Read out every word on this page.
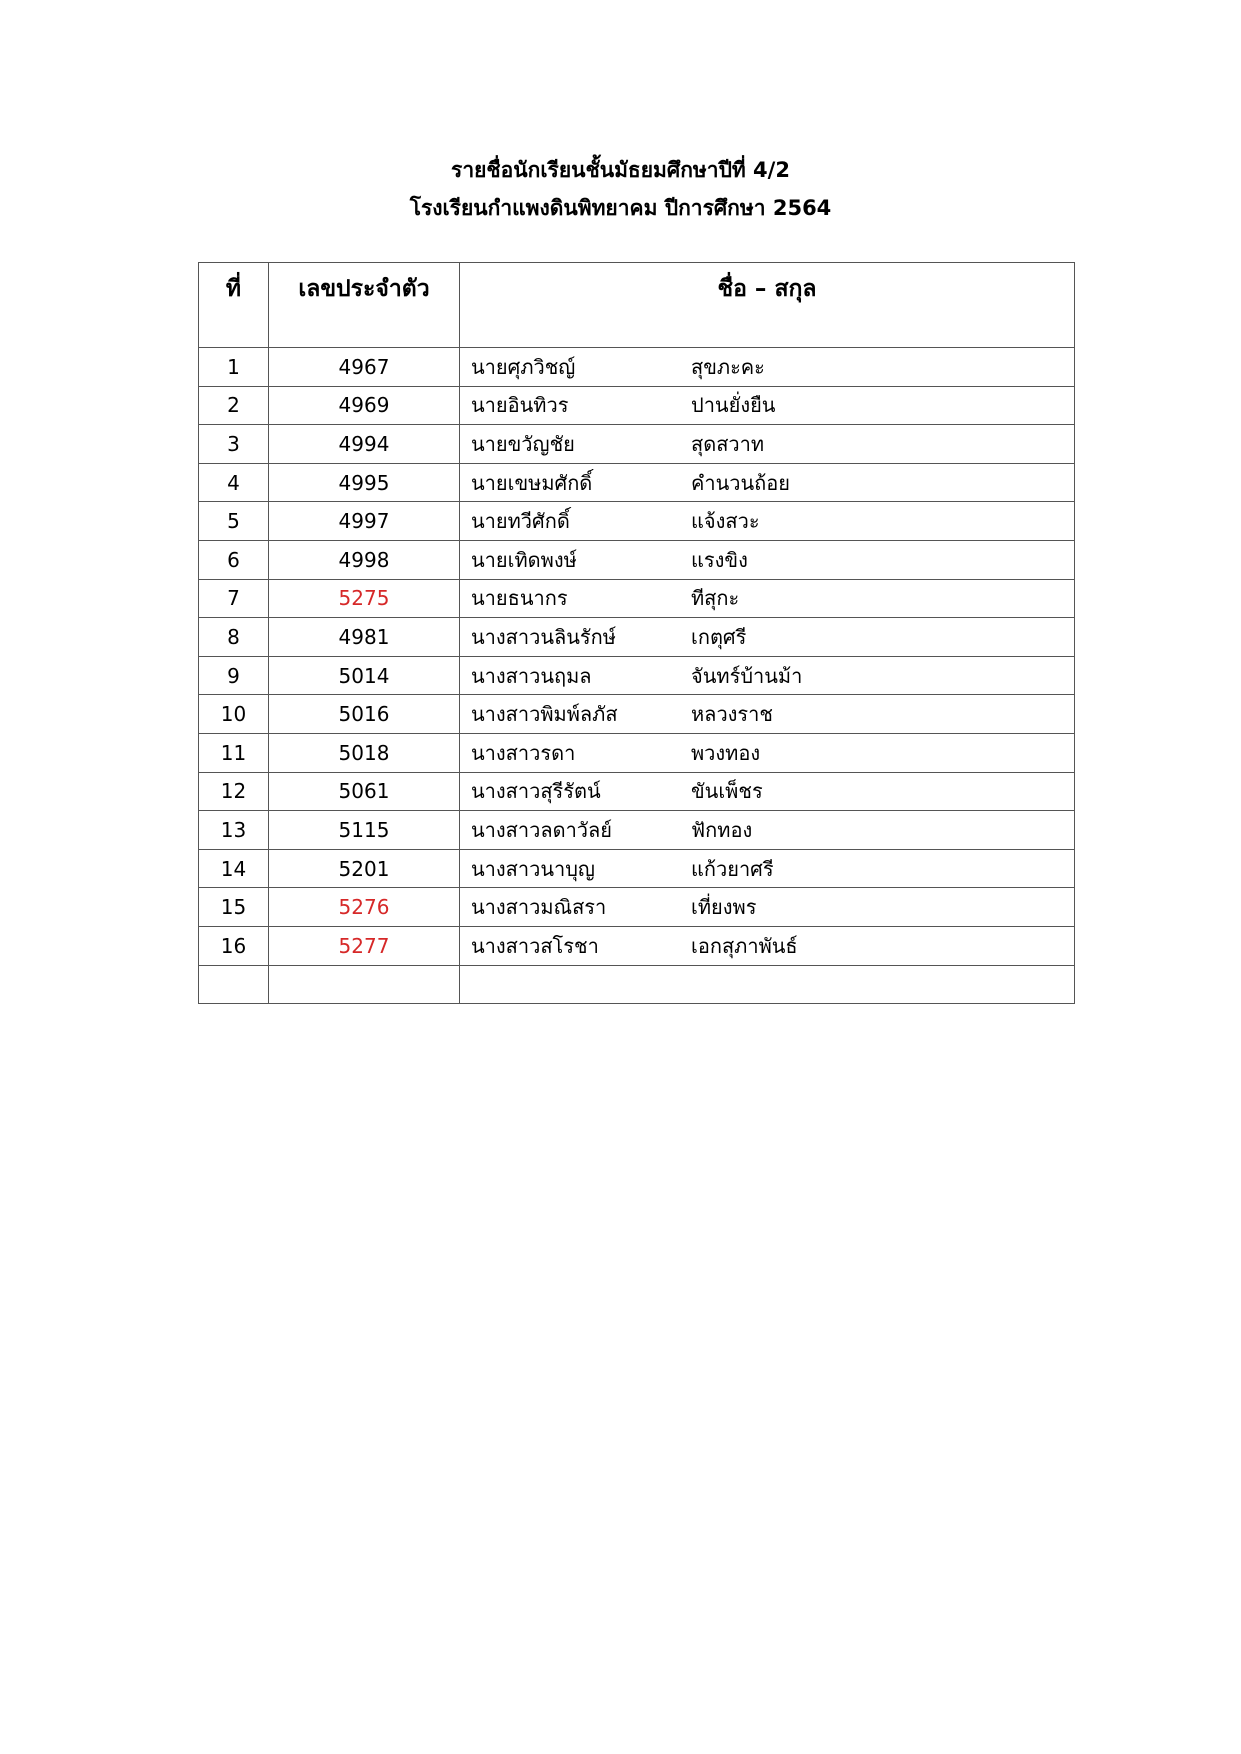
รายชื่อนักเรียนชั้นมัธยมศึกษาปีที่ 4/2
โรงเรียนกำแพงดินพิทยาคม ปีการศึกษา 2564
ที่	เลขประจำตัว	ชื่อ – สกุล
1	4967	นายศุภวิชญ์ สุขภะคะ
2	4969	นายอินทิวร ปานยั่งยืน
3	4994	นายขวัญชัย สุดสวาท
4	4995	นายเขษมศักดิ์ คำนวนถ้อย
5	4997	นายทวีศักดิ์ แจ้งสวะ
6	4998	นายเทิดพงษ์ แรงขิง
7	5275	นายธนากร ทีสุกะ
8	4981	นางสาวนลินรักษ์ เกตุศรี
9	5014	นางสาวนฤมล จันทร์บ้านม้า
10	5016	นางสาวพิมพ์ลภัส หลวงราช
11	5018	นางสาวรดา พวงทอง
12	5061	นางสาวสุรีรัตน์ ขันเพ็ชร
13	5115	นางสาวลดาวัลย์ ฟักทอง
14	5201	นางสาวนาบุญ แก้วยาศรี
15	5276	นางสาวมณิสรา เที่ยงพร
16	5277	นางสาวสโรชา เอกสุภาพันธ์
